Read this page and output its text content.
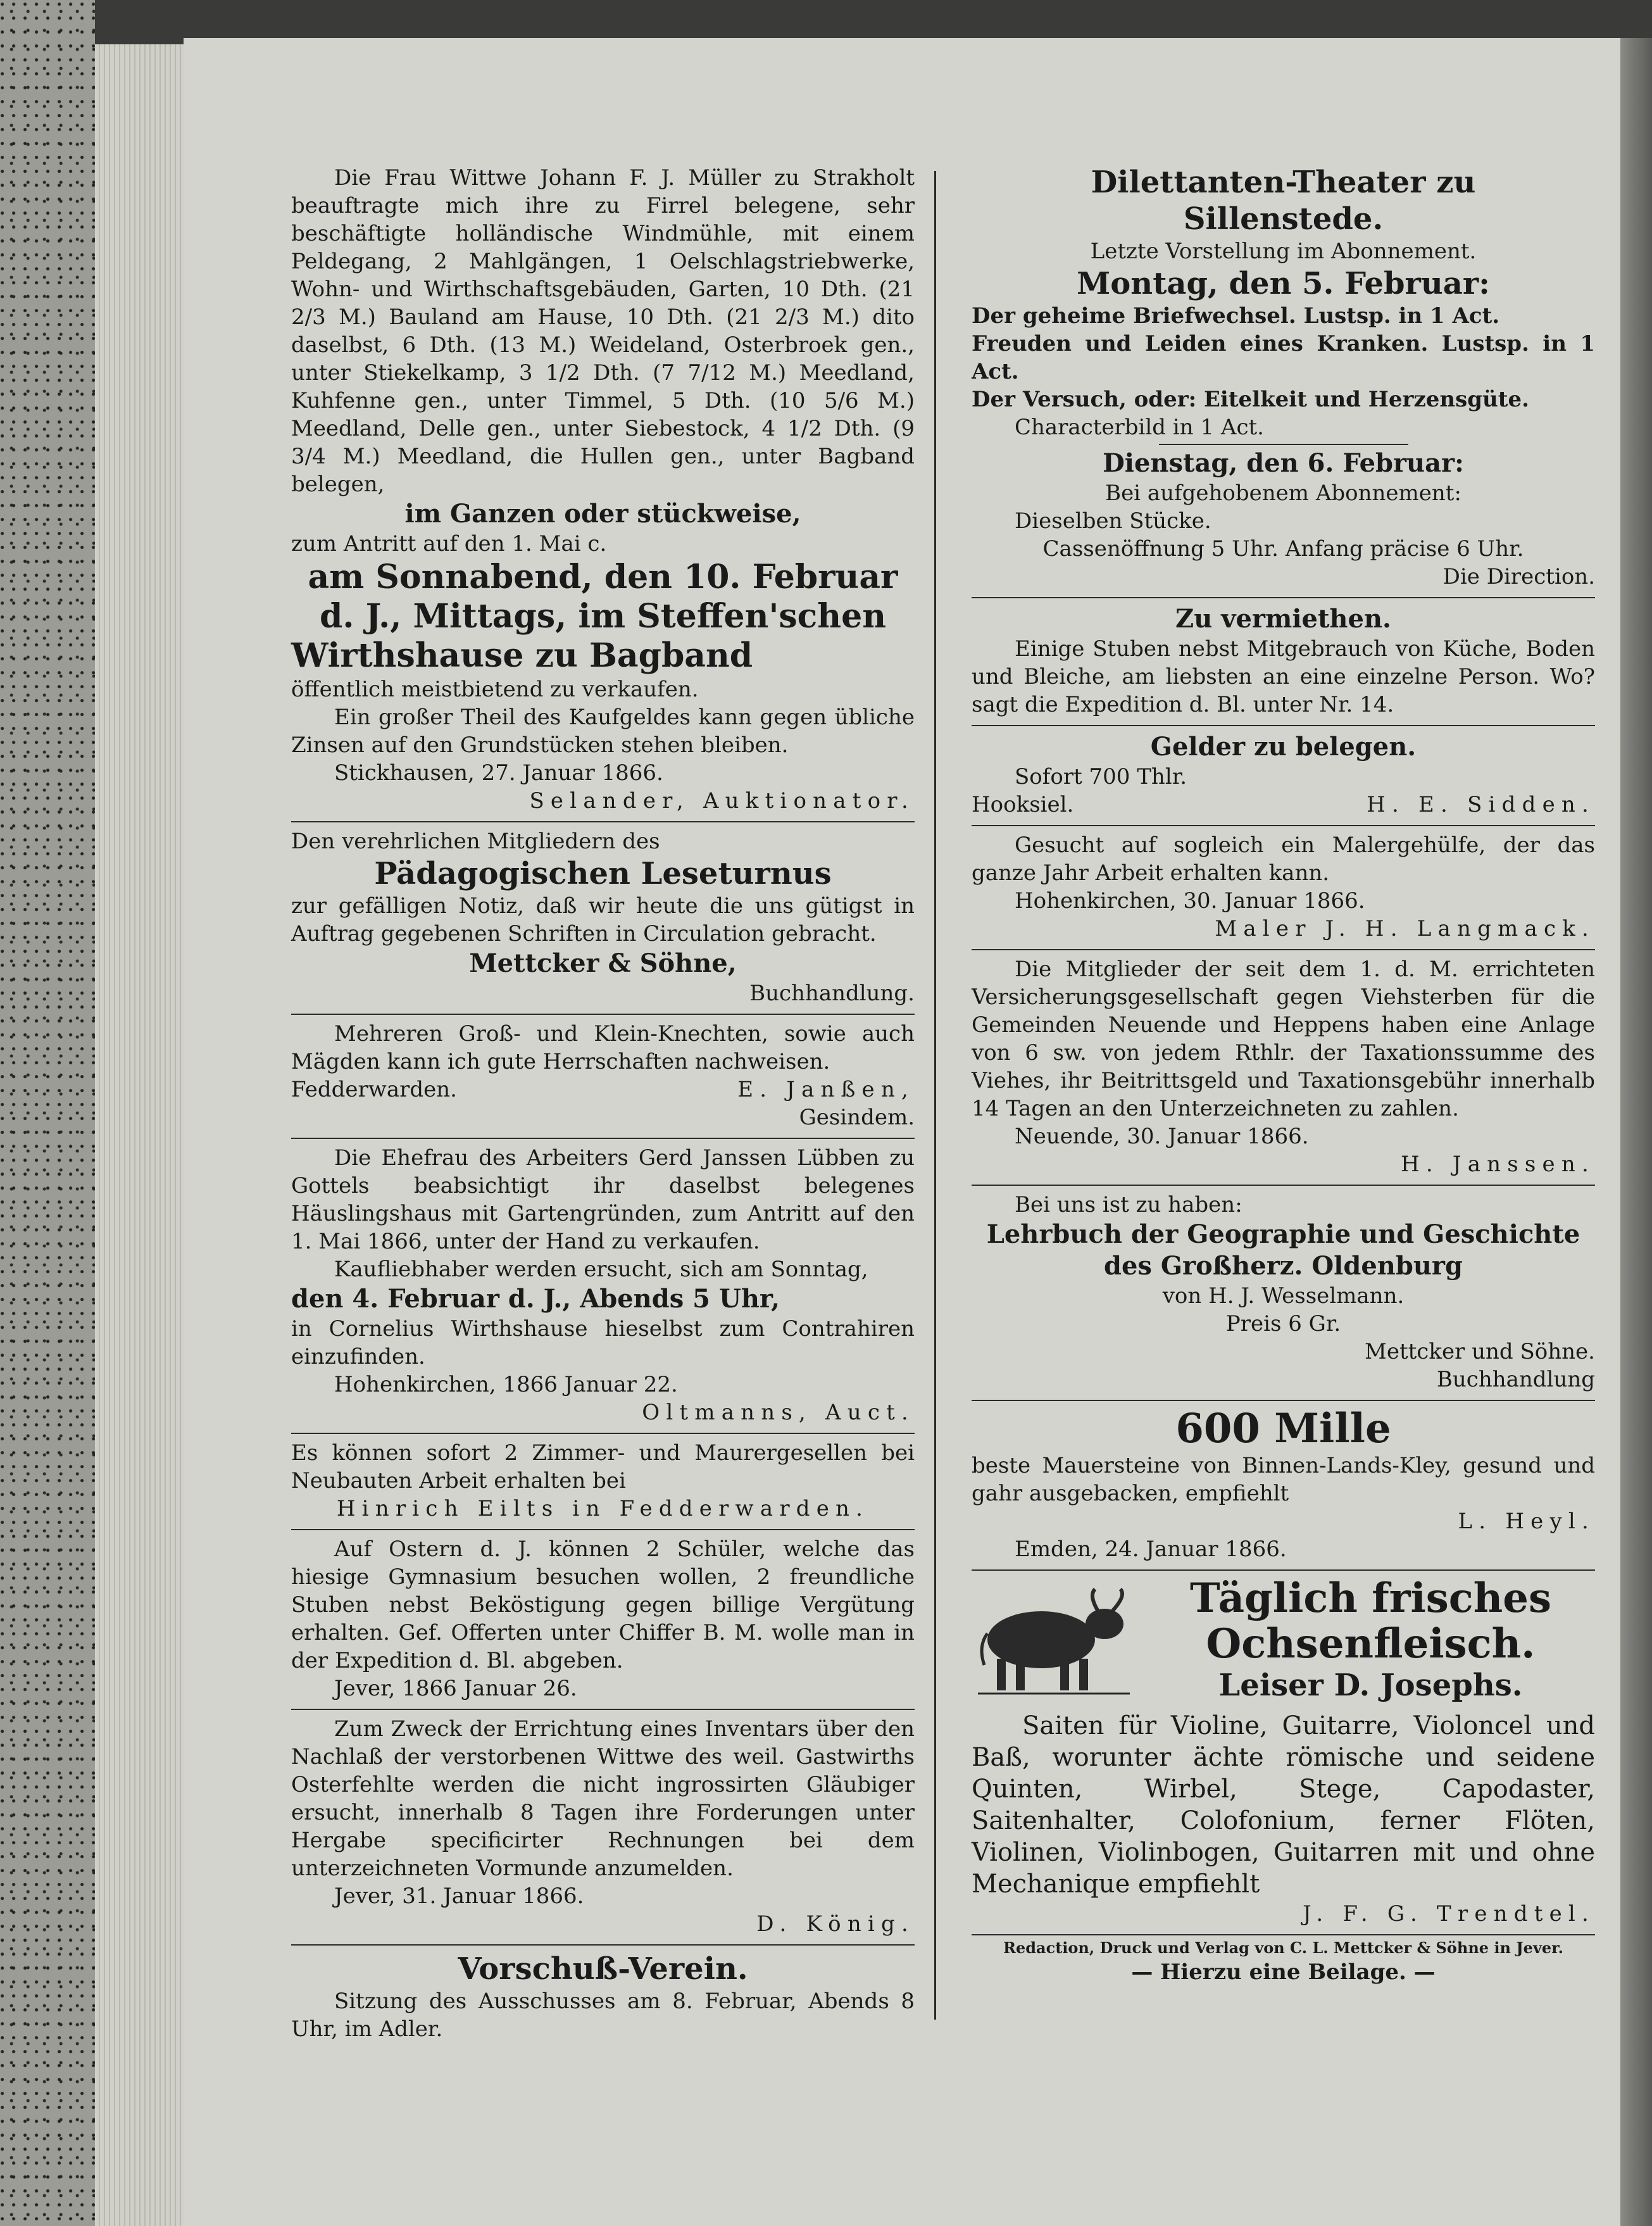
Die Frau Wittwe Johann F. J. Müller zu Strakholt beauftragte mich ihre zu Firrel belegene, sehr beschäftigte holländische Windmühle, mit einem Peldegang, 2 Mahlgängen, 1 Oelschlagstriebwerke, Wohn- und Wirthschaftsgebäuden, Garten, 10 Dth. (21 2/3 M.) Bauland am Hause, 10 Dth. (21 2/3 M.) dito daselbst, 6 Dth. (13 M.) Weideland, Osterbroek gen., unter Stiekelkamp, 3 1/2 Dth. (7 7/12 M.) Meedland, Kuhfenne gen., unter Timmel, 5 Dth. (10 5/6 M.) Meedland, Delle gen., unter Siebestock, 4 1/2 Dth. (9 3/4 M.) Meedland, die Hullen gen., unter Bagband belegen,

im Ganzen oder stückweise,

zum Antritt auf den 1. Mai c.

am Sonnabend, den 10. Februar

d. J., Mittags, im Steffen'schen

Wirthshause zu Bagband

öffentlich meistbietend zu verkaufen.

Ein großer Theil des Kaufgeldes kann gegen übliche Zinsen auf den Grundstücken stehen bleiben.

Stickhausen, 27. Januar 1866.

Selander, Auktionator.

Den verehrlichen Mitgliedern des

Pädagogischen Leseturnus

zur gefälligen Notiz, daß wir heute die uns gütigst in Auftrag gegebenen Schriften in Circulation gebracht.

Mettcker & Söhne,

Buchhandlung.

Mehreren Groß- und Klein-Knechten, sowie auch Mägden kann ich gute Herrschaften nachweisen.

Fedderwarden.	E. Janßen,

Gesindem.

Die Ehefrau des Arbeiters Gerd Janssen Lübben zu Gottels beabsichtigt ihr daselbst belegenes Häuslingshaus mit Gartengründen, zum Antritt auf den 1. Mai 1866, unter der Hand zu verkaufen.

Kaufliebhaber werden ersucht, sich am Sonntag,

den 4. Februar d. J., Abends 5 Uhr,

in Cornelius Wirthshause hieselbst zum Contrahiren einzufinden.

Hohenkirchen, 1866 Januar 22.

Oltmanns, Auct.

Es können sofort 2 Zimmer- und Maurergesellen bei Neubauten Arbeit erhalten bei

Hinrich Eilts in Fedderwarden.

Auf Ostern d. J. können 2 Schüler, welche das hiesige Gymnasium besuchen wollen, 2 freundliche Stuben nebst Beköstigung gegen billige Vergütung erhalten. Gef. Offerten unter Chiffer B. M. wolle man in der Expedition d. Bl. abgeben.

Jever, 1866 Januar 26.

Zum Zweck der Errichtung eines Inventars über den Nachlaß der verstorbenen Wittwe des weil. Gastwirths Osterfehlte werden die nicht ingrossirten Gläubiger ersucht, innerhalb 8 Tagen ihre Forderungen unter Hergabe specificirter Rechnungen bei dem unterzeichneten Vormunde anzumelden.

Jever, 31. Januar 1866.

D. König.

Vorschuß-Verein.

Sitzung des Ausschusses am 8. Februar, Abends 8 Uhr, im Adler.

Dilettanten-Theater zu

Sillenstede.

Letzte Vorstellung im Abonnement.

Montag, den 5. Februar:

Der geheime Briefwechsel. Lustsp. in 1 Act.

Freuden und Leiden eines Kranken. Lustsp. in 1 Act.

Der Versuch, oder: Eitelkeit und Herzensgüte.

Characterbild in 1 Act.

Dienstag, den 6. Februar:

Bei aufgehobenem Abonnement:

Dieselben Stücke.

Cassenöffnung 5 Uhr. Anfang präcise 6 Uhr.

Die Direction.

Zu vermiethen.

Einige Stuben nebst Mitgebrauch von Küche, Boden und Bleiche, am liebsten an eine einzelne Person. Wo? sagt die Expedition d. Bl. unter Nr. 14.

Gelder zu belegen.

Sofort 700 Thlr.

Hooksiel.	H. E. Sidden.

Gesucht auf sogleich ein Malergehülfe, der das ganze Jahr Arbeit erhalten kann.

Hohenkirchen, 30. Januar 1866.

Maler J. H. Langmack.

Die Mitglieder der seit dem 1. d. M. errichteten Versicherungsgesellschaft gegen Viehsterben für die Gemeinden Neuende und Heppens haben eine Anlage von 6 sw. von jedem Rthlr. der Taxationssumme des Viehes, ihr Beitrittsgeld und Taxationsgebühr innerhalb 14 Tagen an den Unterzeichneten zu zahlen.

Neuende, 30. Januar 1866.

H. Janssen.

Bei uns ist zu haben:

Lehrbuch der Geographie und Geschichte des Großherz. Oldenburg

von H. J. Wesselmann.

Preis 6 Gr.

Mettcker und Söhne.

Buchhandlung

600 Mille

beste Mauersteine von Binnen-Lands-Kley, gesund und gahr ausgebacken, empfiehlt

L. Heyl.

Emden, 24. Januar 1866.

Täglich frisches

Ochsenfleisch.

Leiser D. Josephs.

Saiten für Violine, Guitarre, Violoncel und Baß, worunter ächte römische und seidene Quinten, Wirbel, Stege, Capodaster, Saitenhalter, Colofonium, ferner Flöten, Violinen, Violinbogen, Guitarren mit und ohne Mechanique empfiehlt

J. F. G. Trendtel.

Redaction, Druck und Verlag von C. L. Mettcker & Söhne in Jever.

— Hierzu eine Beilage. —
